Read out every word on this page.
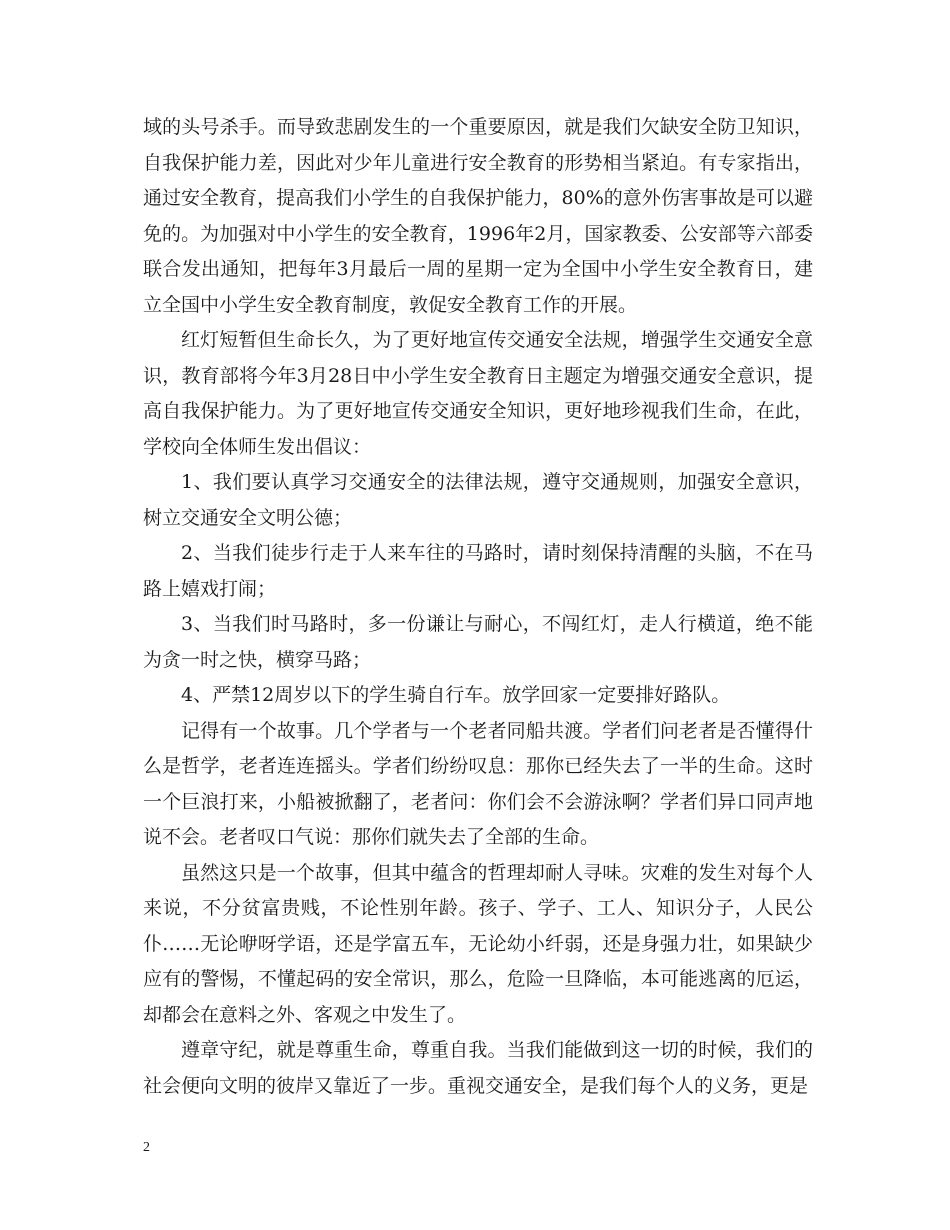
域的头号杀手。而导致悲剧发生的一个重要原因，就是我们欠缺安全防卫知识，自我保护能力差，因此对少年儿童进行安全教育的形势相当紧迫。有专家指出，通过安全教育，提高我们小学生的自我保护能力，80%的意外伤害事故是可以避免的。为加强对中小学生的安全教育，1996年2月，国家教委、公安部等六部委联合发出通知，把每年3月最后一周的星期一定为全国中小学生安全教育日，建立全国中小学生安全教育制度，敦促安全教育工作的开展。

红灯短暂但生命长久，为了更好地宣传交通安全法规，增强学生交通安全意识，教育部将今年3月28日中小学生安全教育日主题定为增强交通安全意识，提高自我保护能力。为了更好地宣传交通安全知识，更好地珍视我们生命，在此，学校向全体师生发出倡议：

1、我们要认真学习交通安全的法律法规，遵守交通规则，加强安全意识，树立交通安全文明公德；

2、当我们徒步行走于人来车往的马路时，请时刻保持清醒的头脑，不在马路上嬉戏打闹；

3、当我们时马路时，多一份谦让与耐心，不闯红灯，走人行横道，绝不能为贪一时之快，横穿马路；

4、严禁12周岁以下的学生骑自行车。放学回家一定要排好路队。

记得有一个故事。几个学者与一个老者同船共渡。学者们问老者是否懂得什么是哲学，老者连连摇头。学者们纷纷叹息：那你已经失去了一半的生命。这时一个巨浪打来，小船被掀翻了，老者问：你们会不会游泳啊？学者们异口同声地说不会。老者叹口气说：那你们就失去了全部的生命。

虽然这只是一个故事，但其中蕴含的哲理却耐人寻味。灾难的发生对每个人来说，不分贫富贵贱，不论性别年龄。孩子、学子、工人、知识分子，人民公仆……无论咿呀学语，还是学富五车，无论幼小纤弱，还是身强力壮，如果缺少应有的警惕，不懂起码的安全常识，那么，危险一旦降临，本可能逃离的厄运，却都会在意料之外、客观之中发生了。

遵章守纪，就是尊重生命，尊重自我。当我们能做到这一切的时候，我们的社会便向文明的彼岸又靠近了一步。重视交通安全，是我们每个人的义务，更是

2
